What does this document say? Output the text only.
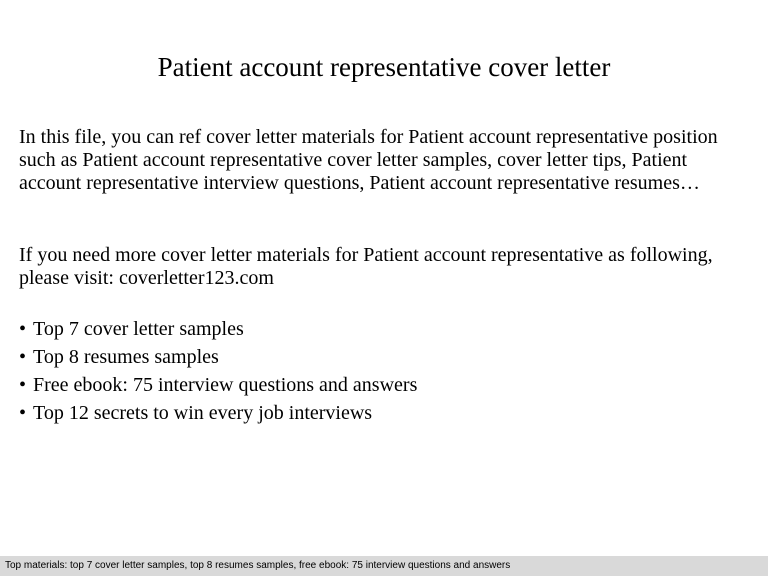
Patient account representative cover letter

In this file, you can ref cover letter materials for Patient account representative position such as Patient account representative cover letter samples, cover letter tips, Patient account representative interview questions, Patient account representative resumes…

If you need more cover letter materials for Patient account representative as following, please visit: coverletter123.com

• Top 7 cover letter samples
• Top 8 resumes samples
• Free ebook: 75 interview questions and answers
• Top 12 secrets to win every job interviews
Top materials: top 7 cover letter samples, top 8 resumes samples, free ebook: 75 interview questions and answers
